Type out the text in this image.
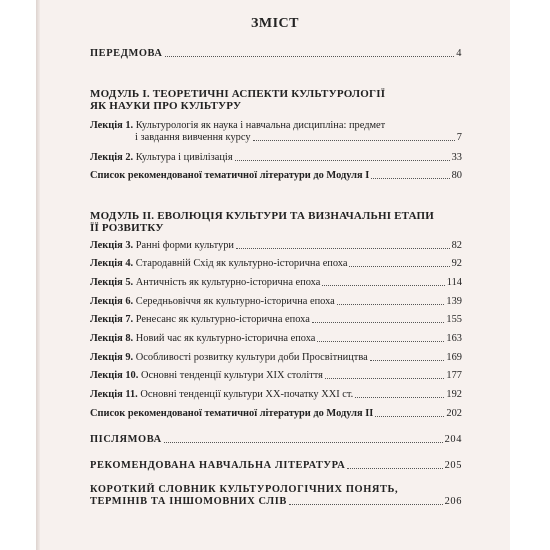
ЗМІСТ
ПЕРЕДМОВА	4
МОДУЛЬ І. ТЕОРЕТИЧНІ АСПЕКТИ КУЛЬТУРОЛОГІЇ
ЯК НАУКИ ПРО КУЛЬТУРУ
Лекція 1. Культурологія як наука і навчальна дисципліна: предмет
і завдання вивчення курсу	7
Лекція 2. Культура і цивілізація	33
Список рекомендованої тематичної літератури до Модуля I	80
МОДУЛЬ ІІ. ЕВОЛЮЦІЯ КУЛЬТУРИ ТА ВИЗНАЧАЛЬНІ ЕТАПИ
ЇЇ РОЗВИТКУ
Лекція 3. Ранні форми культури	82
Лекція 4. Стародавній Схід як культурно-історична епоха	92
Лекція 5. Античність як культурно-історична епоха	114
Лекція 6. Середньовіччя як культурно-історична епоха	139
Лекція 7. Ренесанс як культурно-історична епоха	155
Лекція 8. Новий час як культурно-історична епоха	163
Лекція 9. Особливості розвитку культури доби Просвітництва	169
Лекція 10. Основні тенденції культури ХІХ століття	177
Лекція 11. Основні тенденції культури ХХ-початку ХХІ ст.	192
Список рекомендованої тематичної літератури до Модуля II	202
ПІСЛЯМОВА	204
РЕКОМЕНДОВАНА НАВЧАЛЬНА ЛІТЕРАТУРА	205
КОРОТКИЙ СЛОВНИК КУЛЬТУРОЛОГІЧНИХ ПОНЯТЬ,
ТЕРМІНІВ ТА ІНШОМОВНИХ СЛІВ	206
